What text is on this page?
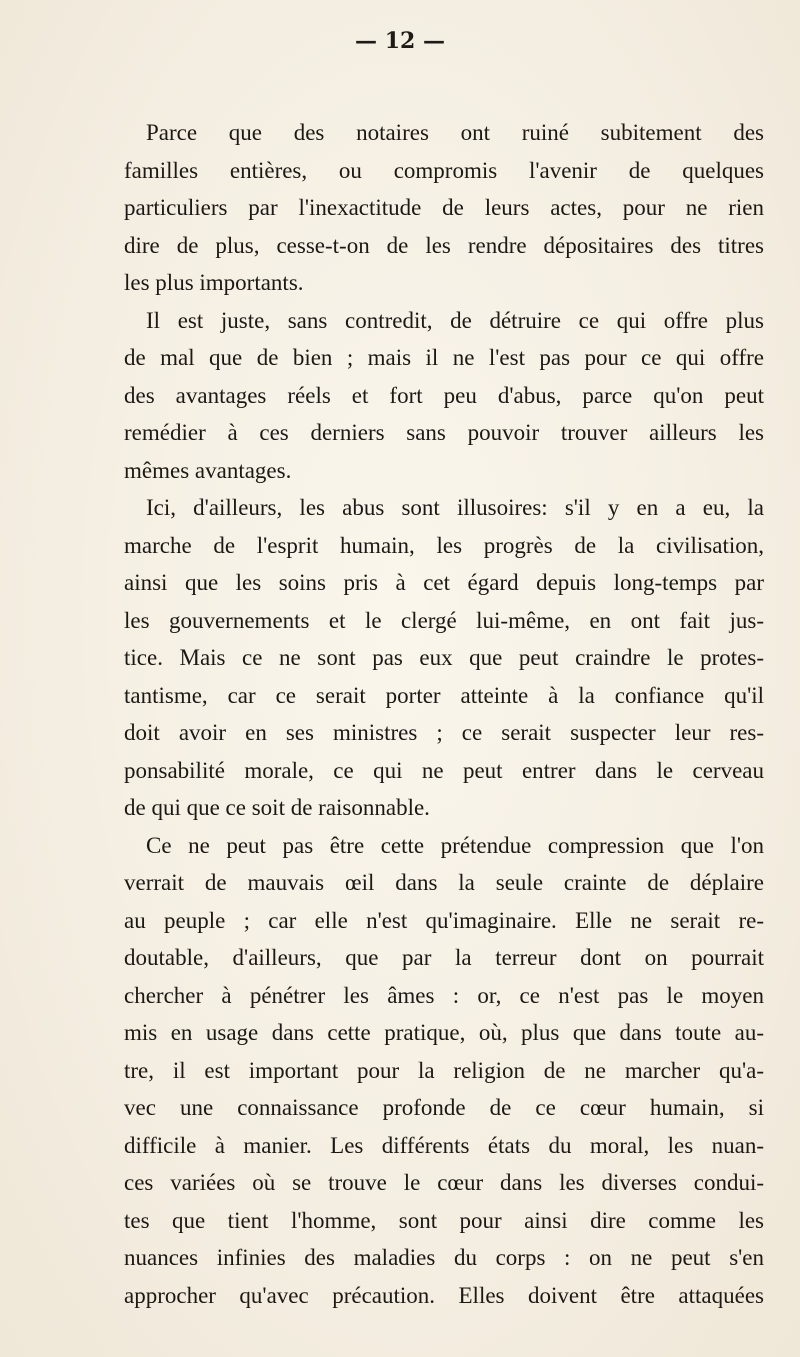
— 12 —
Parce que des notaires ont ruiné subitement des
familles entières, ou compromis l'avenir de quelques
particuliers par l'inexactitude de leurs actes, pour ne rien
dire de plus, cesse-t-on de les rendre dépositaires des titres
les plus importants.
Il est juste, sans contredit, de détruire ce qui offre plus
de mal que de bien ; mais il ne l'est pas pour ce qui offre
des avantages réels et fort peu d'abus, parce qu'on peut
remédier à ces derniers sans pouvoir trouver ailleurs les
mêmes avantages.
Ici, d'ailleurs, les abus sont illusoires: s'il y en a eu, la
marche de l'esprit humain, les progrès de la civilisation,
ainsi que les soins pris à cet égard depuis long-temps par
les gouvernements et le clergé lui-même, en ont fait jus-
tice. Mais ce ne sont pas eux que peut craindre le protes-
tantisme, car ce serait porter atteinte à la confiance qu'il
doit avoir en ses ministres ; ce serait suspecter leur res-
ponsabilité morale, ce qui ne peut entrer dans le cerveau
de qui que ce soit de raisonnable.
Ce ne peut pas être cette prétendue compression que l'on
verrait de mauvais œil dans la seule crainte de déplaire
au peuple ; car elle n'est qu'imaginaire. Elle ne serait re-
doutable, d'ailleurs, que par la terreur dont on pourrait
chercher à pénétrer les âmes : or, ce n'est pas le moyen
mis en usage dans cette pratique, où, plus que dans toute au-
tre, il est important pour la religion de ne marcher qu'a-
vec une connaissance profonde de ce cœur humain, si
difficile à manier. Les différents états du moral, les nuan-
ces variées où se trouve le cœur dans les diverses condui-
tes que tient l'homme, sont pour ainsi dire comme les
nuances infinies des maladies du corps : on ne peut s'en
approcher qu'avec précaution. Elles doivent être attaquées
